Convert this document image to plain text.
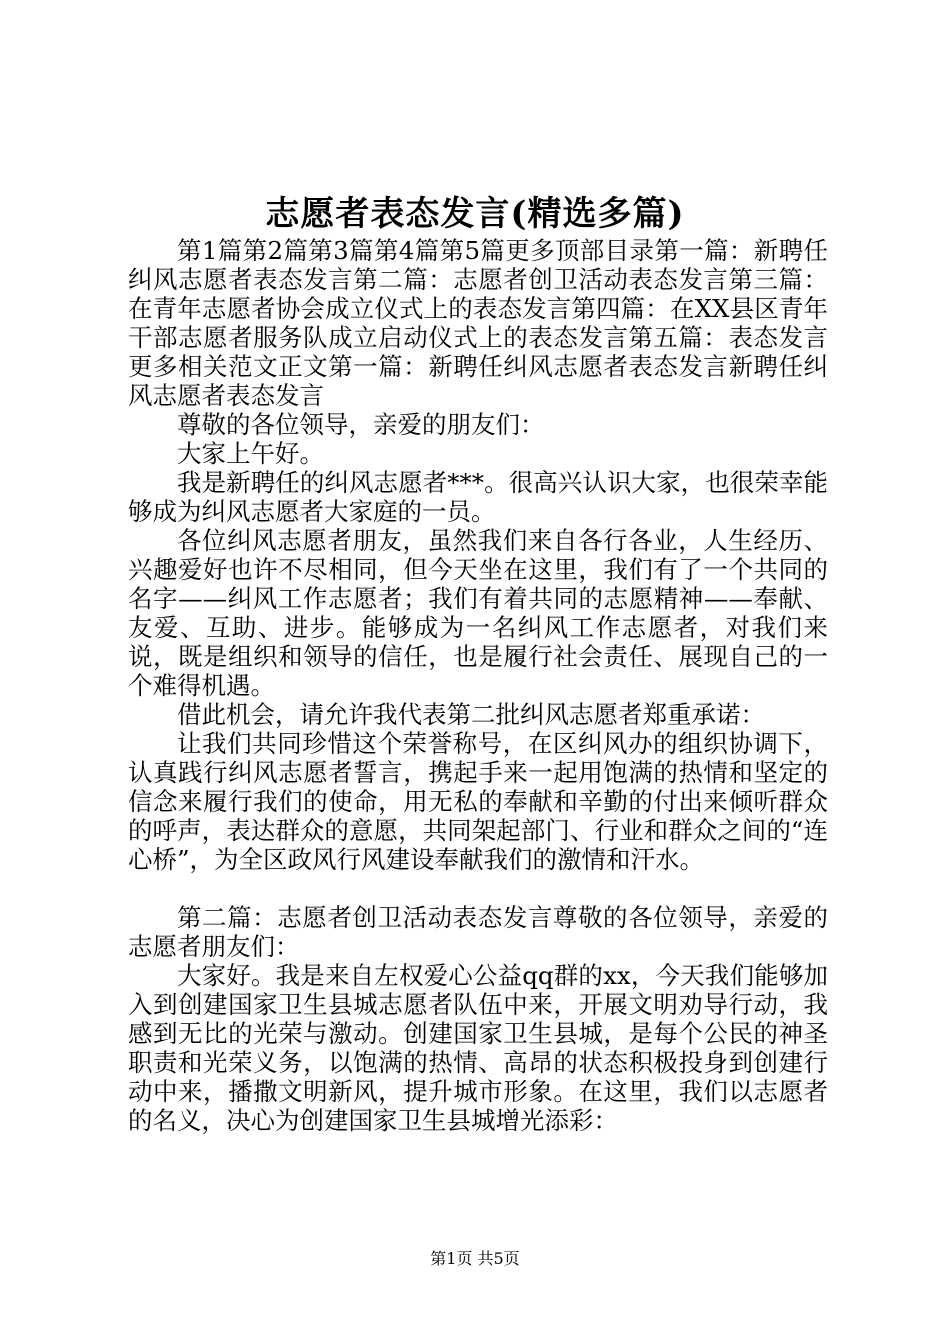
志愿者表态发言(精选多篇)

第1篇第2篇第3篇第4篇第5篇更多顶部目录第一篇：新聘任纠风志愿者表态发言第二篇：志愿者创卫活动表态发言第三篇：在青年志愿者协会成立仪式上的表态发言第四篇：在XX县区青年干部志愿者服务队成立启动仪式上的表态发言第五篇：表态发言更多相关范文正文第一篇：新聘任纠风志愿者表态发言新聘任纠风志愿者表态发言

尊敬的各位领导，亲爱的朋友们：

大家上午好。

我是新聘任的纠风志愿者***。很高兴认识大家，也很荣幸能够成为纠风志愿者大家庭的一员。

各位纠风志愿者朋友，虽然我们来自各行各业，人生经历、兴趣爱好也许不尽相同，但今天坐在这里，我们有了一个共同的名字——纠风工作志愿者；我们有着共同的志愿精神——奉献、友爱、互助、进步。能够成为一名纠风工作志愿者，对我们来说，既是组织和领导的信任，也是履行社会责任、展现自己的一个难得机遇。

借此机会，请允许我代表第二批纠风志愿者郑重承诺：

让我们共同珍惜这个荣誉称号，在区纠风办的组织协调下，认真践行纠风志愿者誓言，携起手来一起用饱满的热情和坚定的信念来履行我们的使命，用无私的奉献和辛勤的付出来倾听群众的呼声，表达群众的意愿，共同架起部门、行业和群众之间的“连心桥”，为全区政风行风建设奉献我们的激情和汗水。

第二篇：志愿者创卫活动表态发言尊敬的各位领导，亲爱的志愿者朋友们：

大家好。我是来自左权爱心公益qq群的xx，今天我们能够加入到创建国家卫生县城志愿者队伍中来，开展文明劝导行动，我感到无比的光荣与激动。创建国家卫生县城，是每个公民的神圣职责和光荣义务，以饱满的热情、高昂的状态积极投身到创建行动中来，播撒文明新风，提升城市形象。在这里，我们以志愿者的名义，决心为创建国家卫生县城增光添彩：

第1页 共5页
